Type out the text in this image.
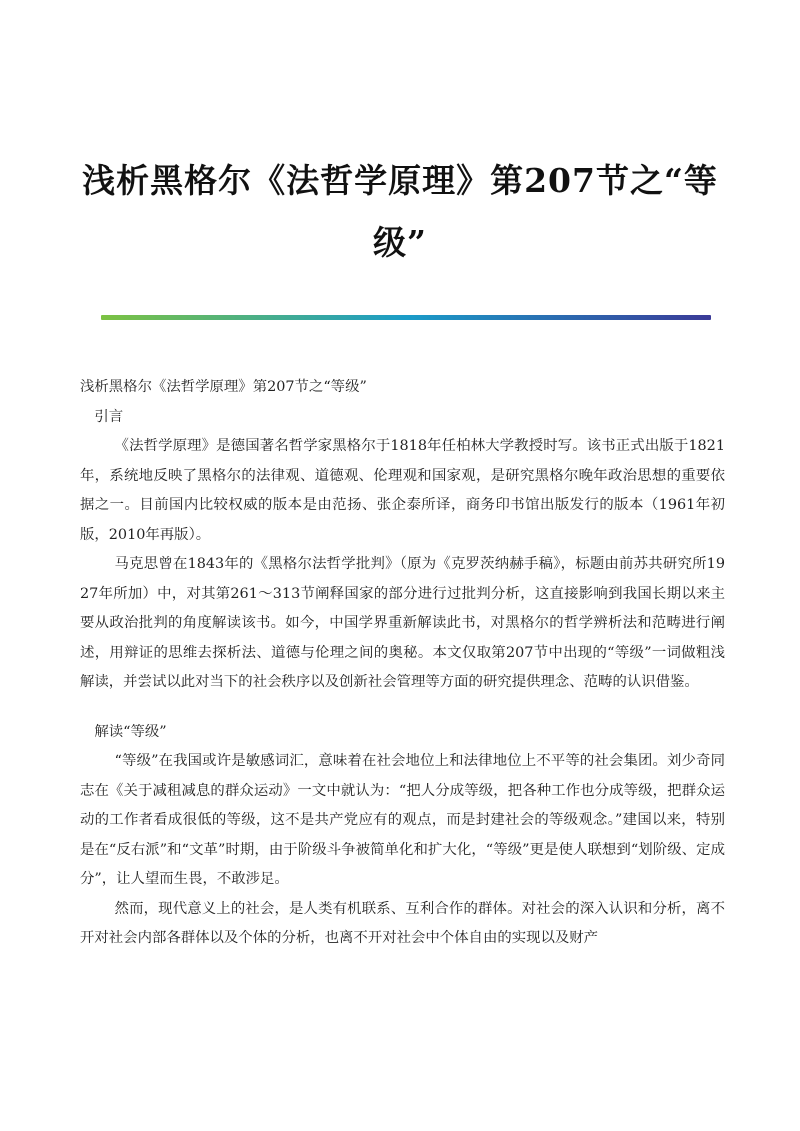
浅析黑格尔《法哲学原理》第207节之“等
级”

浅析黑格尔《法哲学原理》第207节之“等级”

引言

《法哲学原理》是德国著名哲学家黑格尔于1818年任柏林大学教授时写。该书正式出版于1821年，系统地反映了黑格尔的法律观、道德观、伦理观和国家观，是研究黑格尔晚年政治思想的重要依据之一。目前国内比较权威的版本是由范扬、张企泰所译，商务印书馆出版发行的版本（1961年初版，2010年再版）。

马克思曾在1843年的《黑格尔法哲学批判》（原为《克罗茨纳赫手稿》，标题由前苏共研究所1927年所加）中，对其第261～313节阐释国家的部分进行过批判分析，这直接影响到我国长期以来主要从政治批判的角度解读该书。如今，中国学界重新解读此书，对黑格尔的哲学辨析法和范畴进行阐述，用辩证的思维去探析法、道德与伦理之间的奥秘。本文仅取第207节中出现的“等级”一词做粗浅解读，并尝试以此对当下的社会秩序以及创新社会管理等方面的研究提供理念、范畴的认识借鉴。

解读“等级”

“等级”在我国或许是敏感词汇，意味着在社会地位上和法律地位上不平等的社会集团。刘少奇同志在《关于减租减息的群众运动》一文中就认为：“把人分成等级，把各种工作也分成等级，把群众运动的工作者看成很低的等级，这不是共产党应有的观点，而是封建社会的等级观念。”建国以来，特别是在“反右派”和“文革”时期，由于阶级斗争被简单化和扩大化，“等级”更是使人联想到“划阶级、定成分”，让人望而生畏，不敢涉足。

然而，现代意义上的社会，是人类有机联系、互利合作的群体。对社会的深入认识和分析，离不开对社会内部各群体以及个体的分析，也离不开对社会中个体自由的实现以及财产
